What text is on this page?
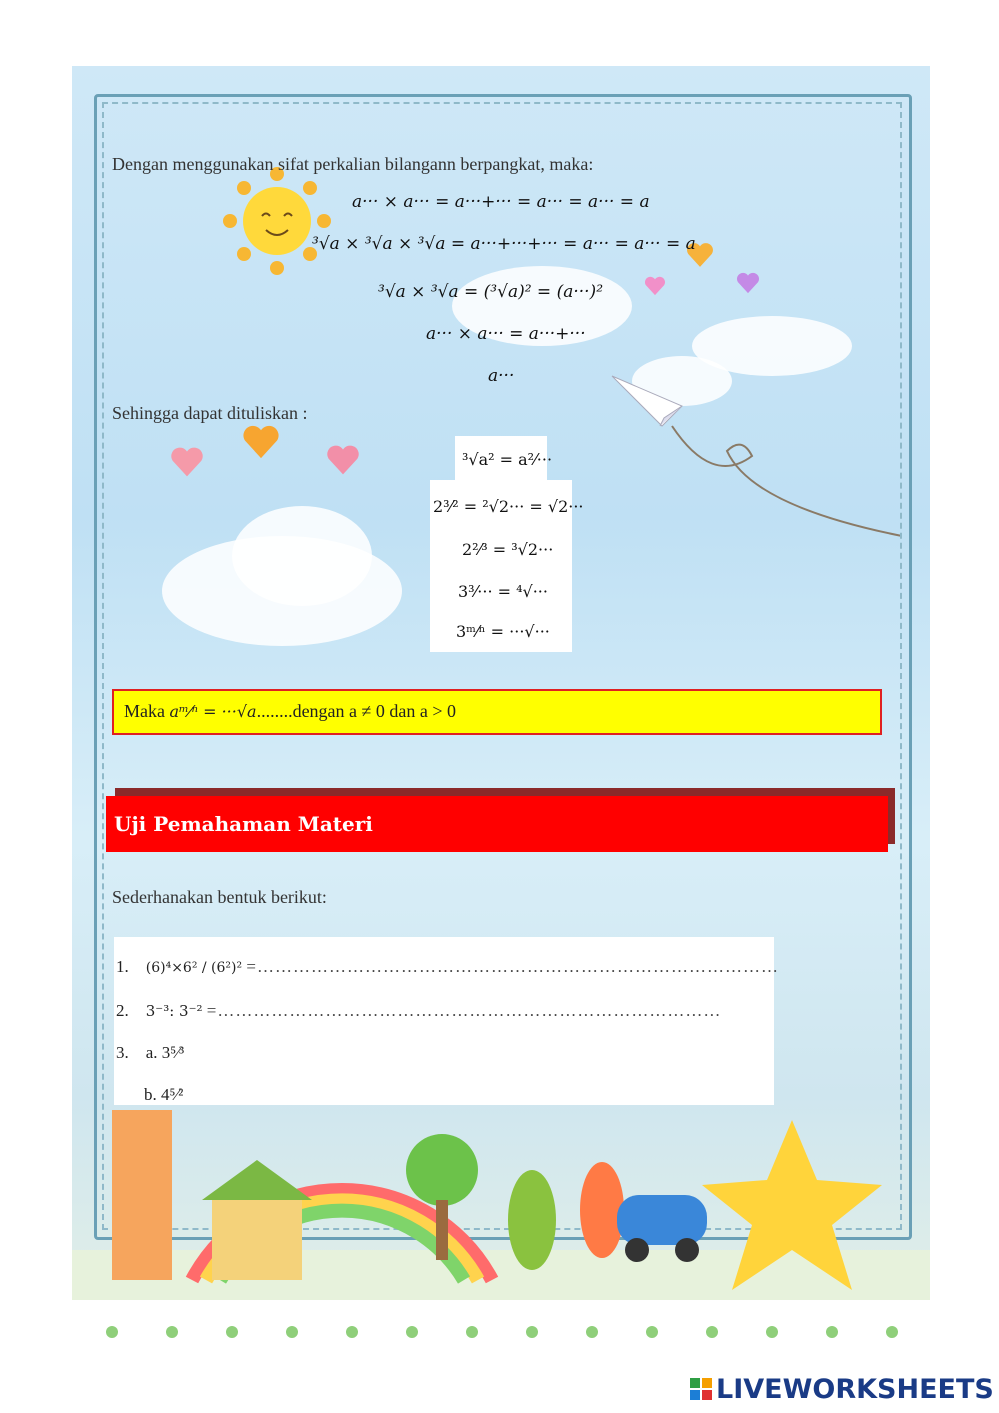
Dengan menggunakan sifat perkalian bilangann berpangkat, maka:
a··· × a··· = a···+··· = a··· = a··· = a
³√a × ³√a × ³√a = a···+···+··· = a··· = a··· = a
³√a × ³√a = (³√a)² = (a···)²
a··· × a··· = a···+···
a···
Sehingga dapat dituliskan :
³√a² = a²⁄···
2³⁄² = ²√2··· = √2···
2²⁄³ = ³√2···
3³⁄··· = ⁴√···
3ᵐ⁄ⁿ = ···√···
Maka aᵐ⁄ⁿ = ···√a........dengan a ≠ 0 dan a > 0
Uji Pemahaman Materi
Sederhanakan bentuk berikut:
1. (6)⁴×6² / (6²)² =……………………………………………………………………………
2. 3⁻³: 3⁻² =…………………………………………………………………………
3. a. 3⁵⁄³
b. 4⁵⁄²
LIVEWORKSHEETS
